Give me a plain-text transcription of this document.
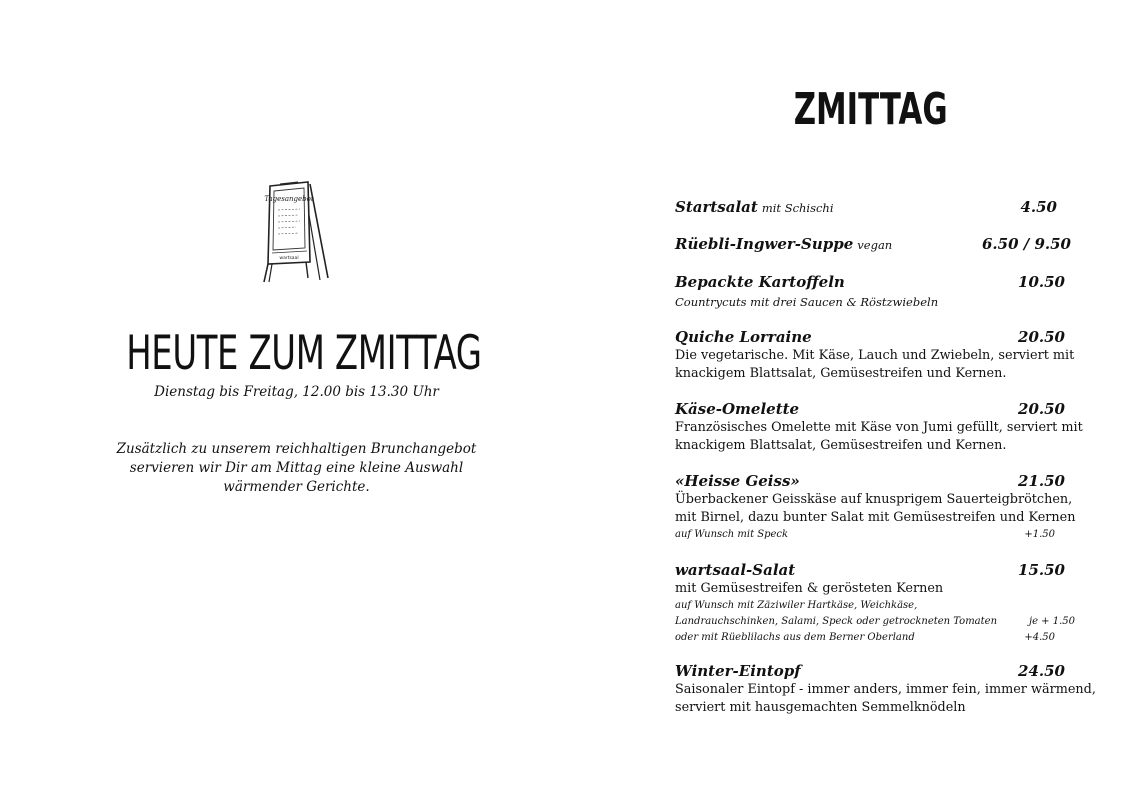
Tagesangebot
wartsaal
HEUTE ZUM ZMITTAG
Dienstag bis Freitag, 12.00 bis 13.30 Uhr
Zusätzlich zu unserem reichhaltigen Brunchangebot
servieren wir Dir am Mittag eine kleine Auswahl
wärmender Gerichte.
ZMITTAG
Startsalat mit Schischi	4.50
Rüebli-Ingwer-Suppe vegan	6.50 / 9.50
Bepackte Kartoffeln	10.50
Countrycuts mit drei Saucen & Röstzwiebeln
Quiche Lorraine	20.50
Die vegetarische. Mit Käse, Lauch und Zwiebeln, serviert mit
knackigem Blattsalat, Gemüsestreifen und Kernen.
Käse-Omelette	20.50
Französisches Omelette mit Käse von Jumi gefüllt, serviert mit
knackigem Blattsalat, Gemüsestreifen und Kernen.
«Heisse Geiss»	21.50
Überbackener Geisskäse auf knusprigem Sauerteigbrötchen,
mit Birnel, dazu bunter Salat mit Gemüsestreifen und Kernen
auf Wunsch mit Speck	+1.50
wartsaal-Salat	15.50
mit Gemüsestreifen & gerösteten Kernen
auf Wunsch mit Zäziwiler Hartkäse, Weichkäse,
Landrauchschinken, Salami, Speck oder getrockneten Tomaten	je + 1.50
oder mit Rüeblilachs aus dem Berner Oberland	+4.50
Winter-Eintopf	24.50
Saisonaler Eintopf - immer anders, immer fein, immer wärmend,
serviert mit hausgemachten Semmelknödeln
